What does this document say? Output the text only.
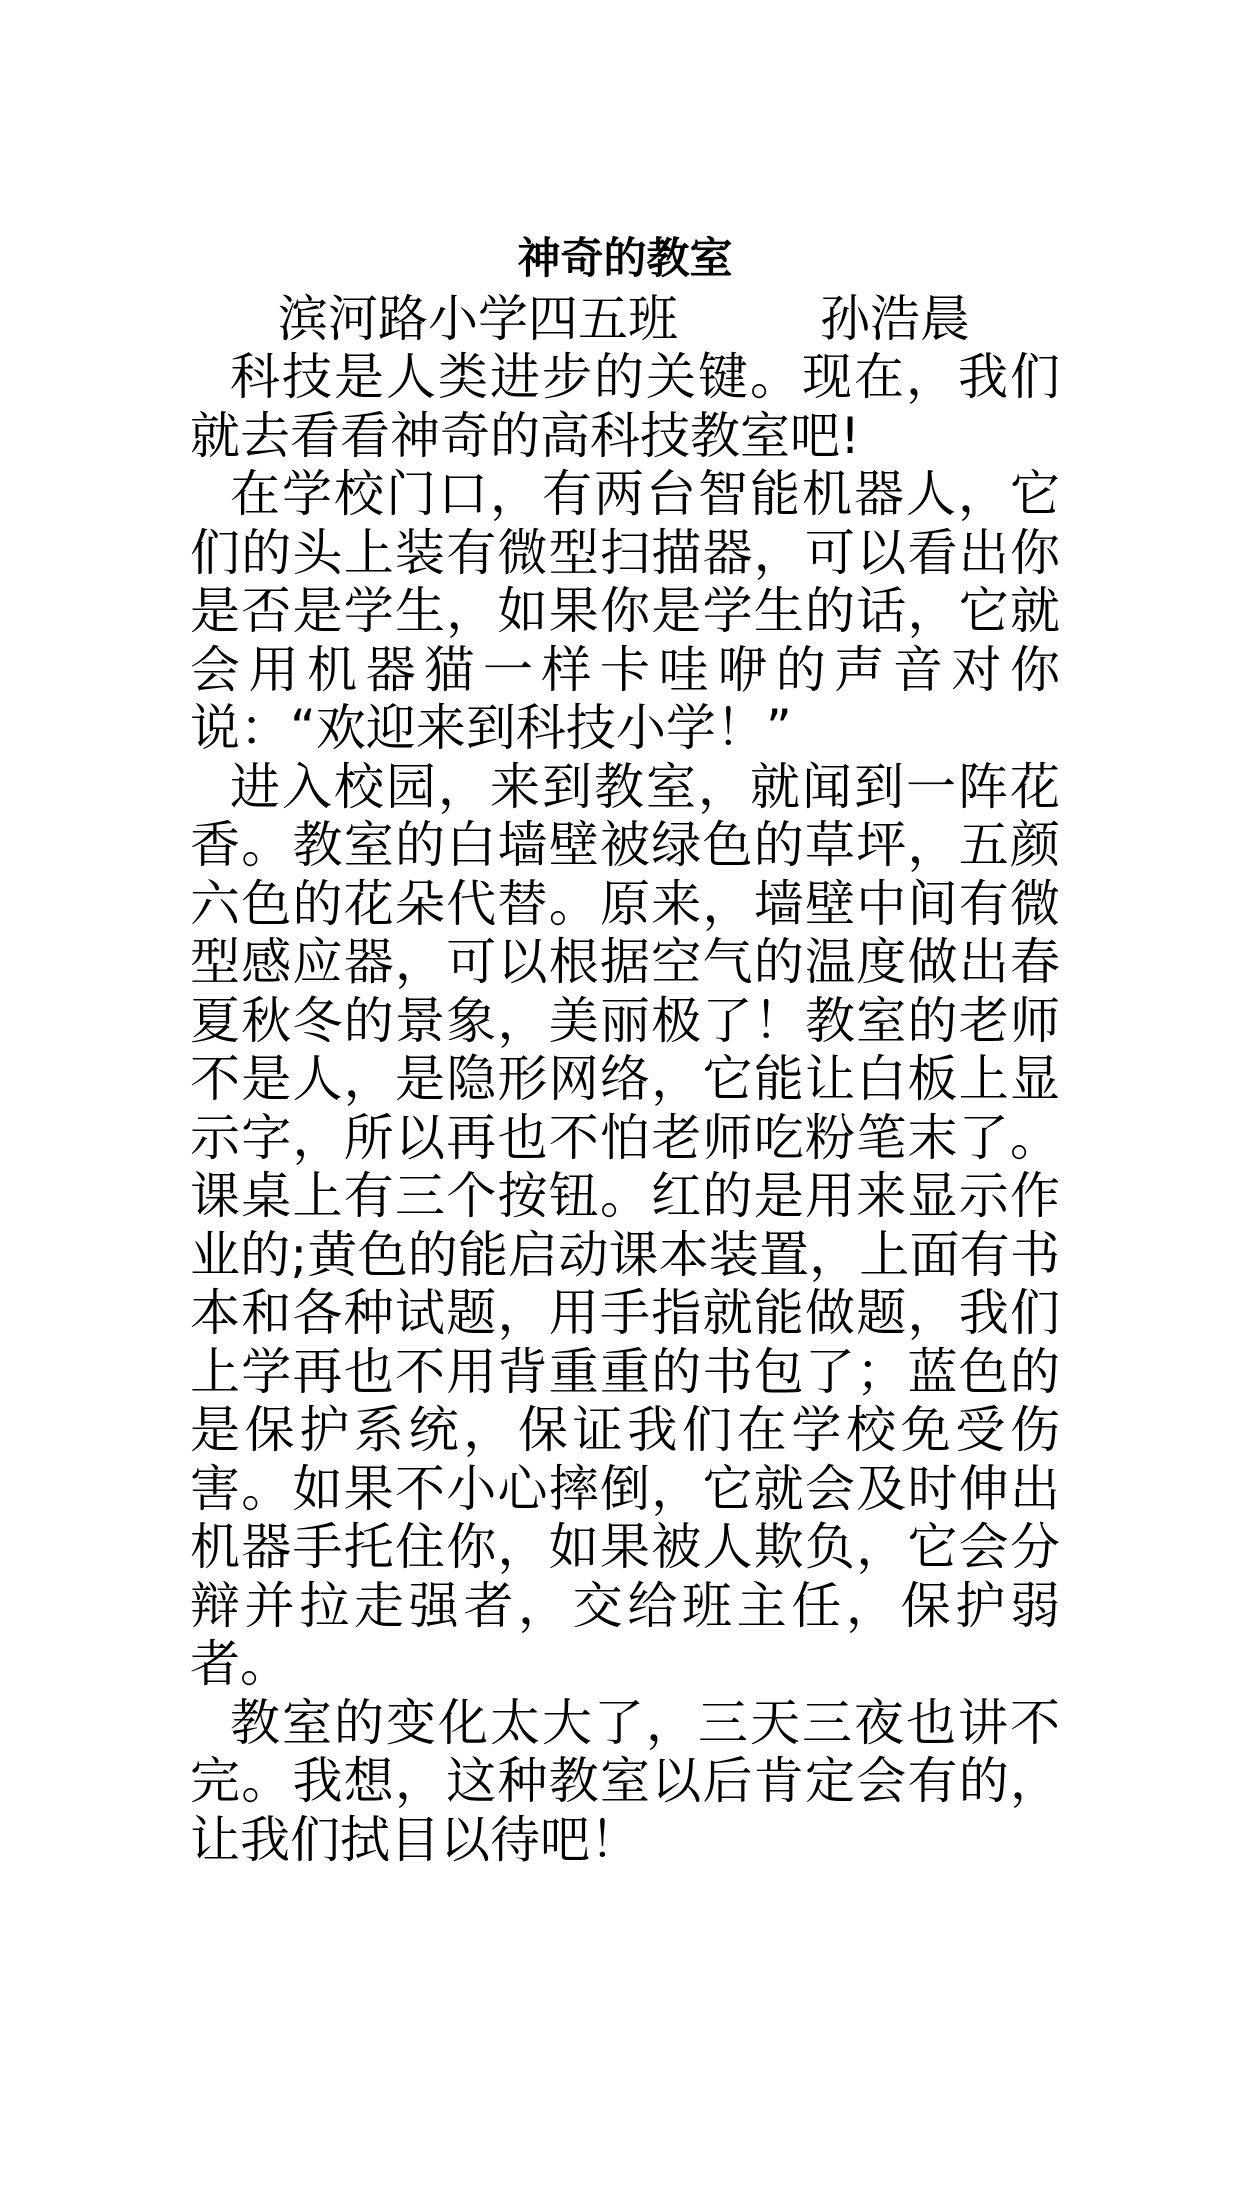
神奇的教室
滨河路小学四五班	孙浩晨

科技是人类进步的关键。现在，我们就去看看神奇的高科技教室吧!

在学校门口，有两台智能机器人，它们的头上装有微型扫描器，可以看出你是否是学生，如果你是学生的话，它就会用机器猫一样卡哇咿的声音对你说：“欢迎来到科技小学！”

进入校园，来到教室，就闻到一阵花香。教室的白墙壁被绿色的草坪，五颜六色的花朵代替。原来，墙壁中间有微型感应器，可以根据空气的温度做出春夏秋冬的景象，美丽极了！教室的老师不是人，是隐形网络，它能让白板上显示字，所以再也不怕老师吃粉笔末了。课桌上有三个按钮。红的是用来显示作业的;黄色的能启动课本装置，上面有书本和各种试题，用手指就能做题，我们上学再也不用背重重的书包了；蓝色的是保护系统，保证我们在学校免受伤害。如果不小心摔倒，它就会及时伸出机器手托住你，如果被人欺负，它会分辩并拉走强者，交给班主任，保护弱者。

教室的变化太大了，三天三夜也讲不完。我想，这种教室以后肯定会有的，让我们拭目以待吧！
